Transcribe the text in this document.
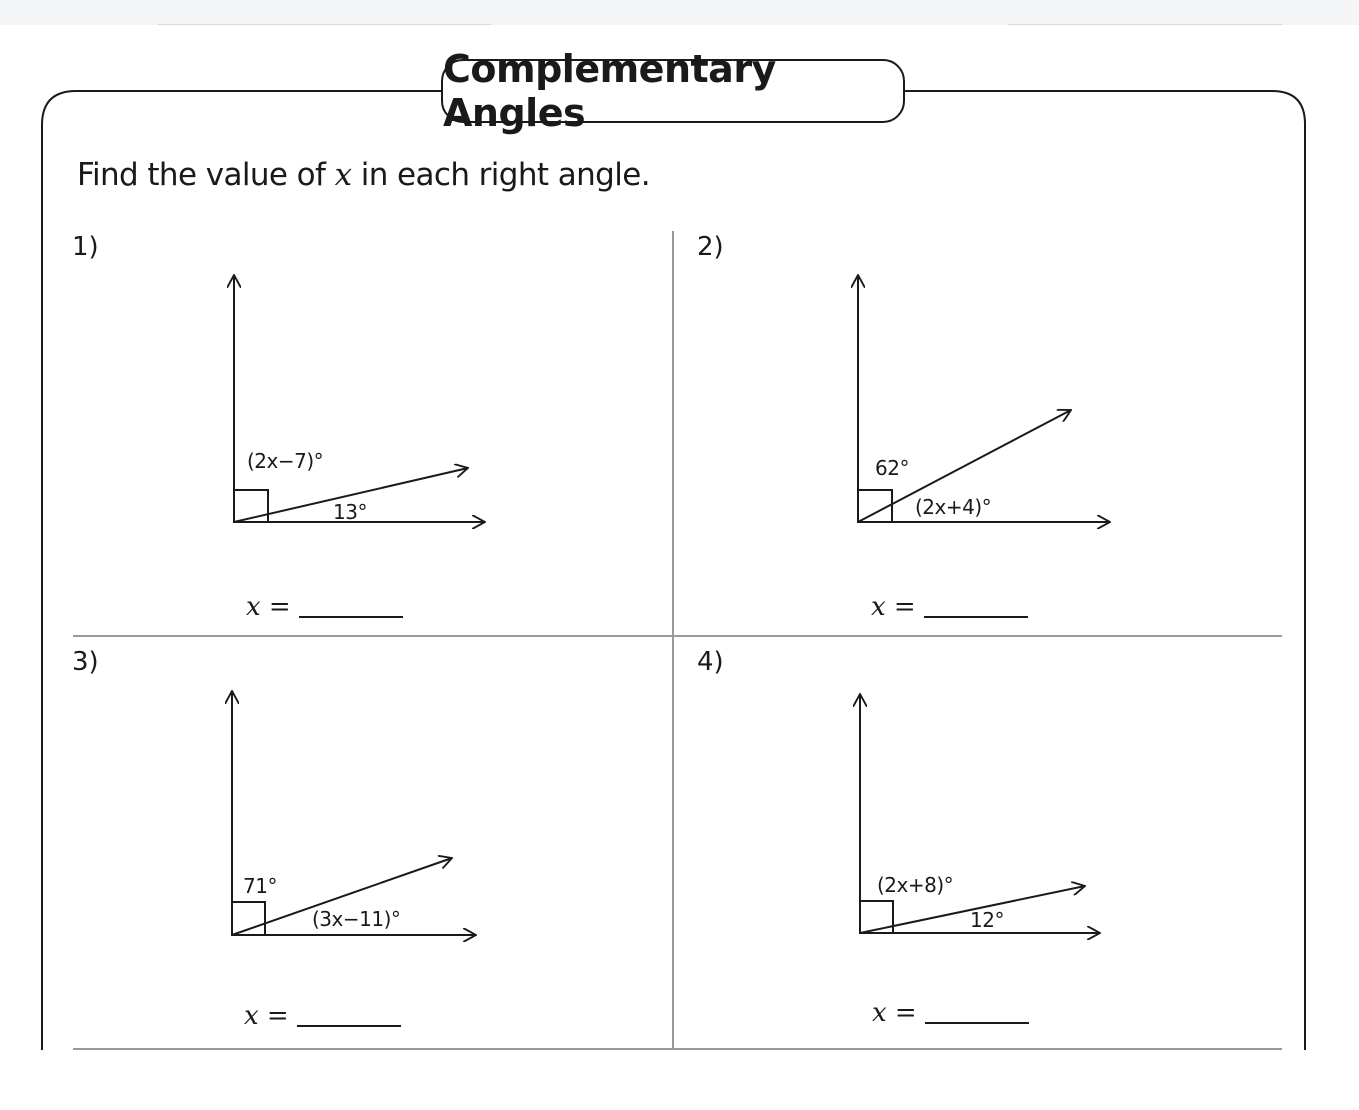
Complementary Angles
Find the value of x in each right angle.
1)
(2x−7)°
13°
x =
2)
62°
(2x+4)°
x =
3)
71°
(3x−11)°
x =
4)
(2x+8)°
12°
x =
